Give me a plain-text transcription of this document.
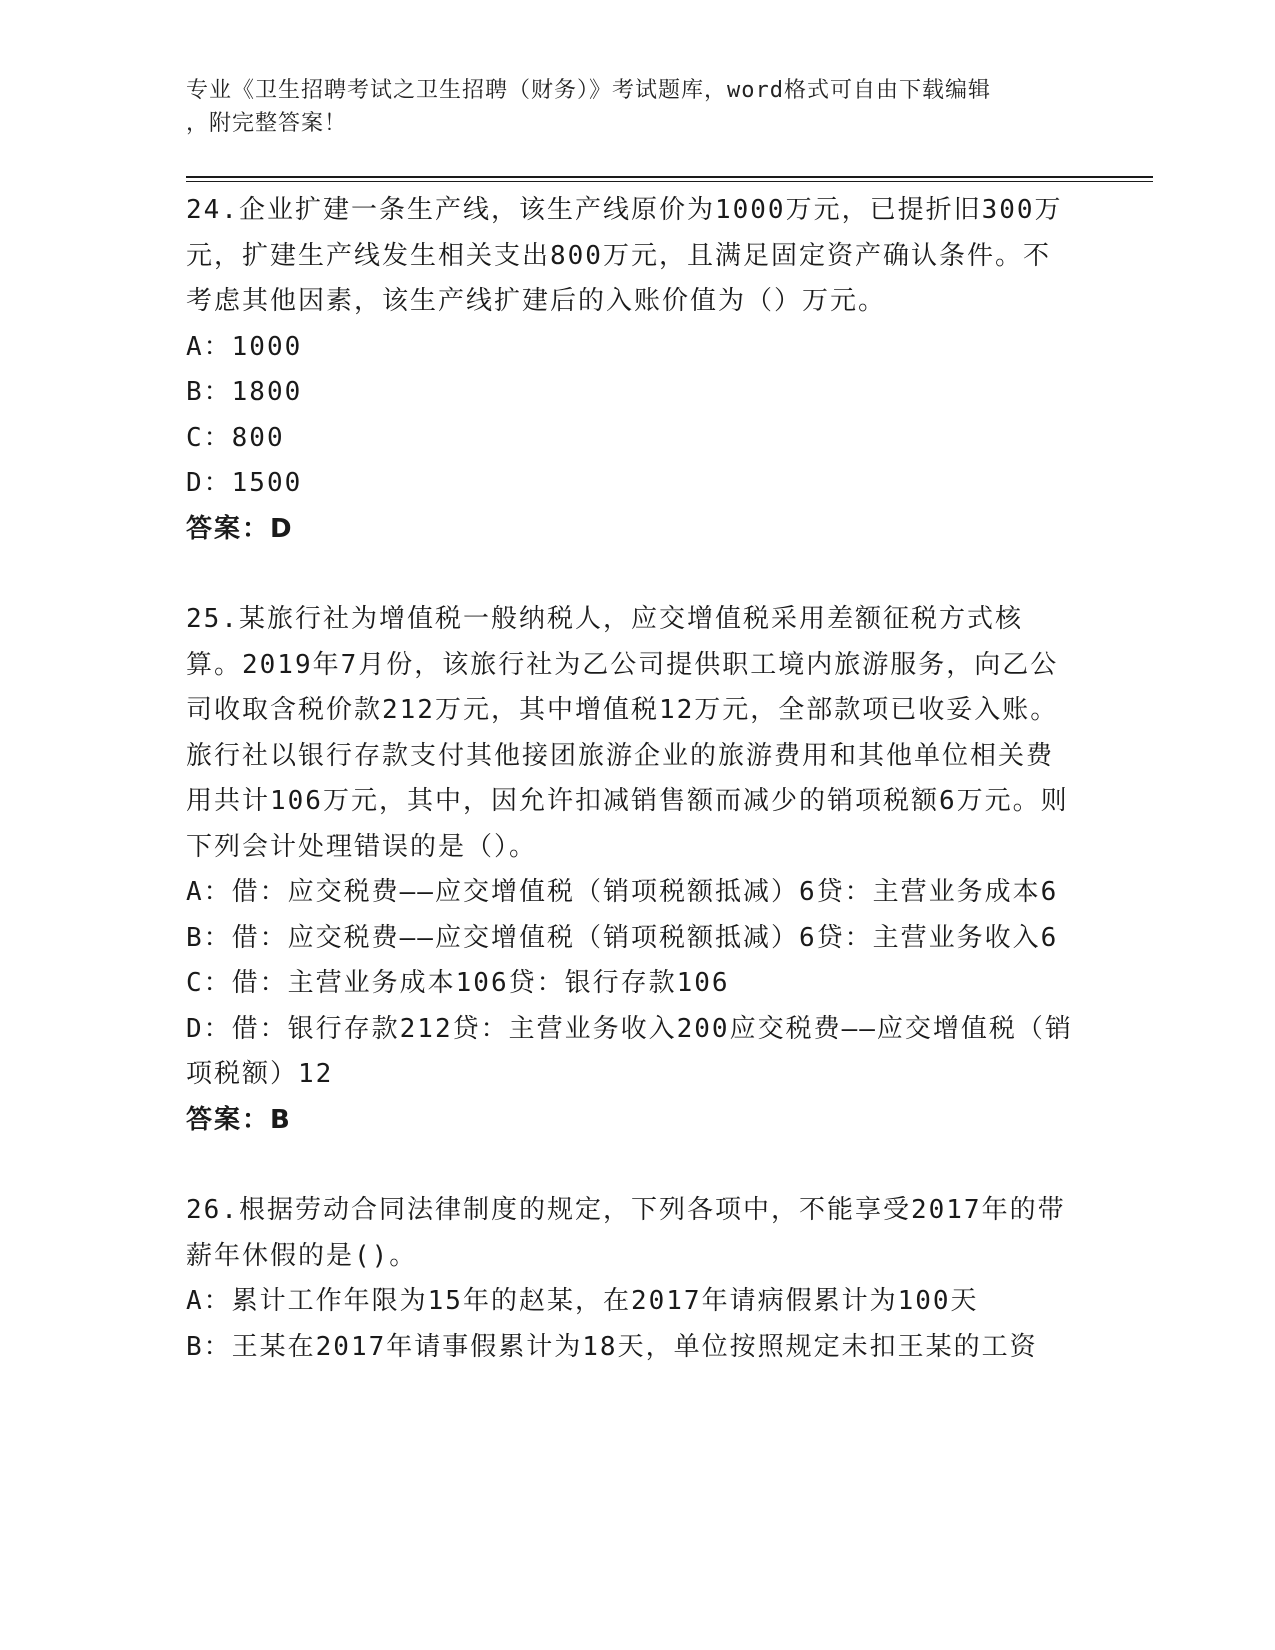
专业《卫生招聘考试之卫生招聘（财务）》考试题库，word格式可自由下载编辑
，附完整答案！
24.企业扩建一条生产线，该生产线原价为1000万元，已提折旧300万元，扩建生产线发生相关支出800万元，且满足固定资产确认条件。不考虑其他因素，该生产线扩建后的入账价值为（）万元。
A：1000
B：1800
C：800
D：1500
答案：D
25.某旅行社为增值税一般纳税人，应交增值税采用差额征税方式核算。2019年7月份，该旅行社为乙公司提供职工境内旅游服务，向乙公司收取含税价款212万元，其中增值税12万元，全部款项已收妥入账。旅行社以银行存款支付其他接团旅游企业的旅游费用和其他单位相关费用共计106万元，其中，因允许扣减销售额而减少的销项税额6万元。则下列会计处理错误的是（）。
A：借：应交税费——应交增值税（销项税额抵减）6贷：主营业务成本6
B：借：应交税费——应交增值税（销项税额抵减）6贷：主营业务收入6
C：借：主营业务成本106贷：银行存款106
D：借：银行存款212贷：主营业务收入200应交税费——应交增值税（销项税额）12
答案：B
26.根据劳动合同法律制度的规定，下列各项中，不能享受2017年的带薪年休假的是()。
A：累计工作年限为15年的赵某，在2017年请病假累计为100天
B：王某在2017年请事假累计为18天，单位按照规定未扣王某的工资
